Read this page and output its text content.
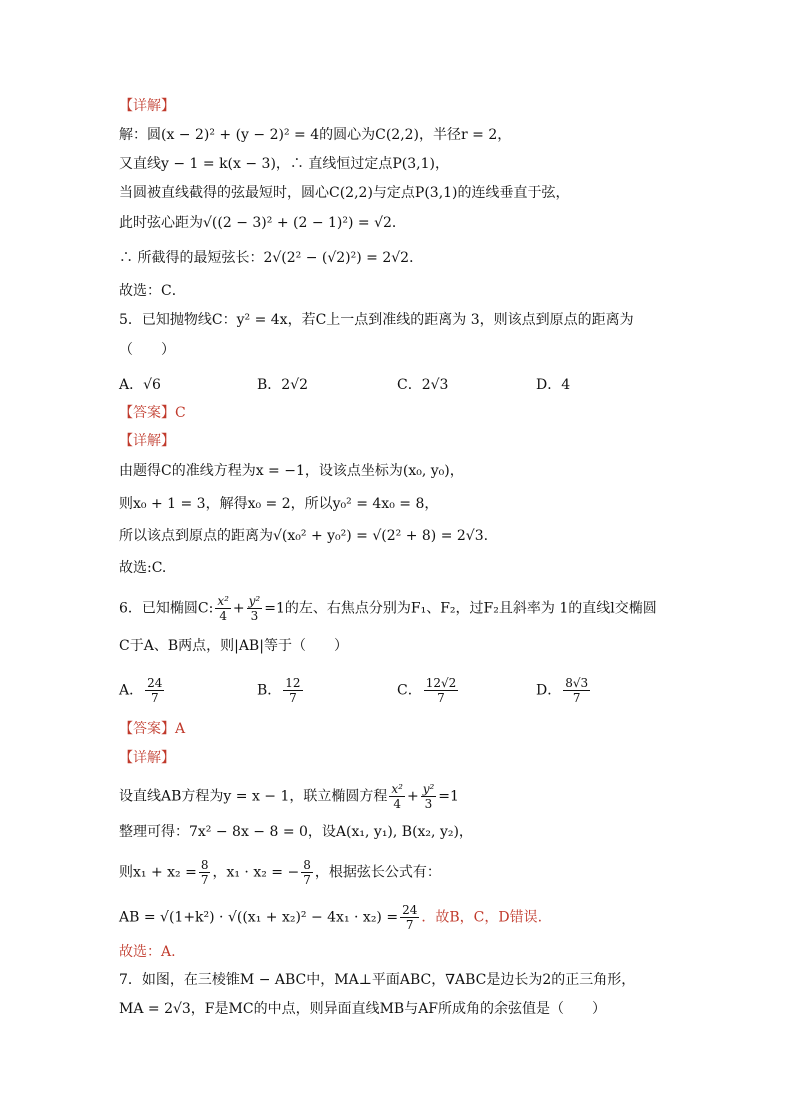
【详解】
解：圆(x − 2)² + (y − 2)² = 4的圆心为C(2,2)，半径r = 2，
又直线y − 1 = k(x − 3)，∴ 直线恒过定点P(3,1)，
当圆被直线截得的弦最短时，圆心C(2,2)与定点P(3,1)的连线垂直于弦，
此时弦心距为√((2 − 3)² + (2 − 1)²) = √2．
∴ 所截得的最短弦长：2√(2² − (√2)²) = 2√2．
故选：C．
5．已知抛物线C：y² = 4x，若C上一点到准线的距离为 3，则该点到原点的距离为
（　　）
A．√6	B．2√2	C．2√3	D．4
【答案】C
【详解】
由题得C的准线方程为x = −1，设该点坐标为(x₀, y₀)，
则x₀ + 1 = 3，解得x₀ = 2，所以y₀² = 4x₀ = 8，
所以该点到原点的距离为√(x₀² + y₀²) = √(2² + 8) = 2√3.
故选:C.
6．已知椭圆C: $\frac{\text{x²}}{4} + \frac{\text{y²}}{3} =1$的左、右焦点分别为F₁、F₂，过F₂且斜率为 1的直线l交椭圆
C于A、B两点，则|AB|等于（　　）
A． $\frac{24}{7}$	B． $\frac{12}{7}$	C． $\frac{12√2}{7}$	D． $\frac{8√3}{7}$
【答案】A
【详解】
设直线AB方程为y = x − 1，联立椭圆方程 $\frac{\text{x²}}{4} + \frac{\text{y²}}{3} =1$
整理可得：7x² − 8x − 8 = 0，设A(x₁, y₁), B(x₂, y₂)，
则$x_1 + x_2 = \frac{8}{7}$ ，x₁ · x₂ = − $\frac{8}{7}$ ，根据弦长公式有：
AB = $√(1+k^2) \cdot √((x_1 + x_2)^2 - 4x_1 \cdot x_2) = \frac{24}{7}$ ．故B，C，D错误.
故选：A.
7．如图，在三棱锥M − ABC中，MA⊥平面ABC，∇ABC是边长为2的正三角形，
MA = 2√3，F是MC的中点，则异面直线MB与AF所成角的余弦值是（　　）
